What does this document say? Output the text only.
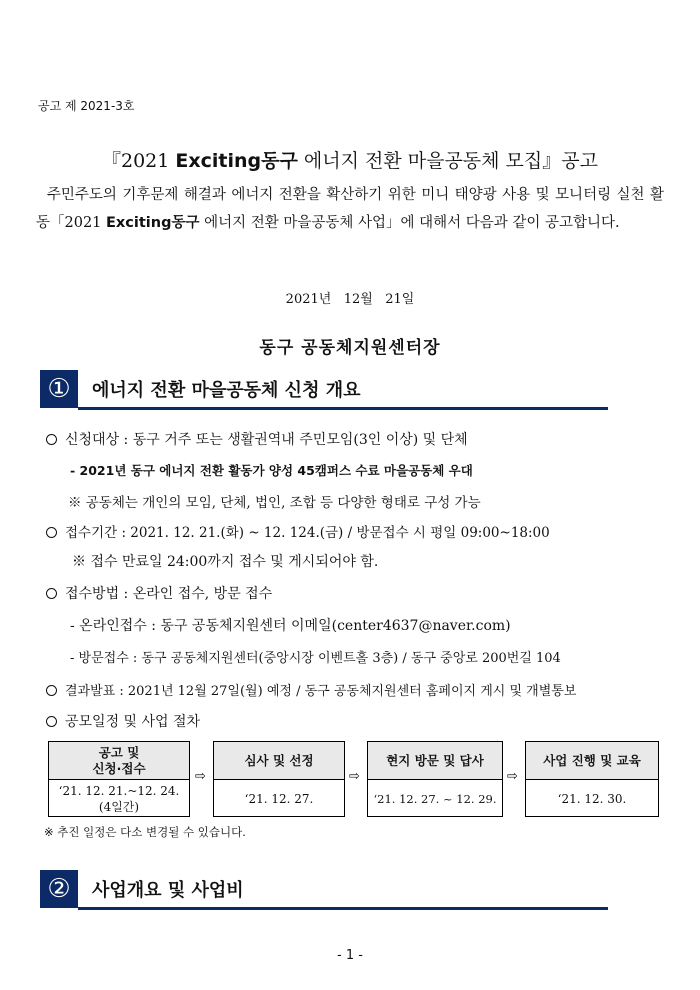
공고 제 2021-3호
『2021 Exciting동구 에너지 전환 마을공동체 모집』공고
주민주도의 기후문제 해결과 에너지 전환을 확산하기 위한 미니 태양광 사용 및 모니터링 실천 활동「2021 Exciting동구 에너지 전환 마을공동체 사업」에 대해서 다음과 같이 공고합니다.
2021년   12월   21일
동구 공동체지원센터장
①	에너지 전환 마을공동체 신청 개요
신청대상 : 동구 거주 또는 생활권역내 주민모임(3인 이상) 및 단체
- 2021년 동구 에너지 전환 활동가 양성 45캠퍼스 수료 마을공동체 우대
※ 공동체는 개인의 모임, 단체, 법인, 조합 등 다양한 형태로 구성 가능
접수기간 : 2021. 12. 21.(화) ~ 12. 124.(금) / 방문접수 시 평일 09:00~18:00
※ 접수 만료일 24:00까지 접수 및 게시되어야 함.
접수방법 : 온라인 접수, 방문 접수
- 온라인접수 : 동구 공동체지원센터 이메일(center4637@naver.com)
- 방문접수 : 동구 공동체지원센터(중앙시장 이벤트홀 3층) / 동구 중앙로 200번길 104
결과발표 : 2021년 12월 27일(월) 예정 / 동구 공동체지원센터 홈페이지 게시 및 개별통보
공모일정 및 사업 절차
공고 및
신청·접수
‘21. 12. 21.~12. 24.
(4일간)
⇨
심사 및 선정
‘21. 12. 27.
⇨
현지 방문 및 답사
‘21. 12. 27. ~ 12. 29.
⇨
사업 진행 및 교육
‘21. 12. 30.
※ 추진 일정은 다소 변경될 수 있습니다.
②	사업개요 및 사업비
- 1 -
